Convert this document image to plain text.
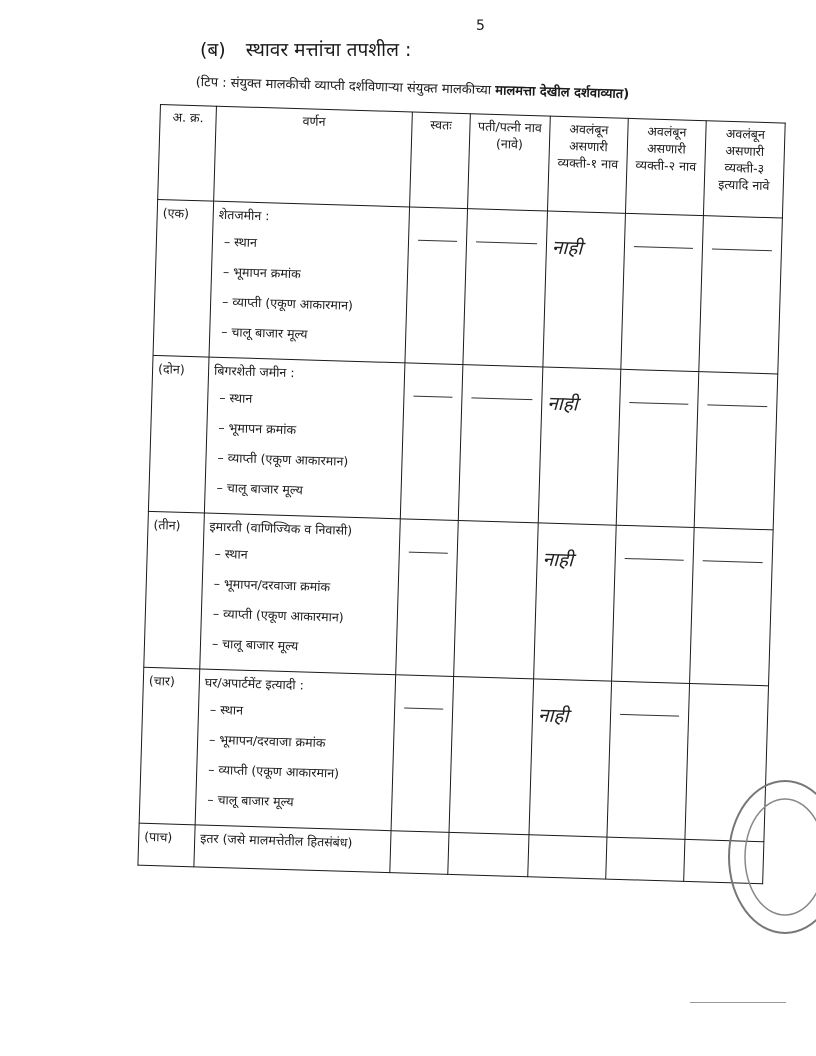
5
(ब) स्थावर मत्तांचा तपशील :
(टिप : संयुक्त मालकीची व्याप्ती दर्शविणाऱ्या संयुक्त मालकीच्या मालमत्ता देखील दर्शवाव्यात)
अ. क्र.	वर्णन	स्वतः	पती/पत्नी नाव (नावे)	अवलंबून असणारी व्यक्ती-१ नाव	अवलंबून असणारी व्यक्ती-२ नाव	अवलंबून असणारी व्यक्ती-३ इत्यादि नावे
(एक)	शेतजमीन :
– स्थान
– भूमापन क्रमांक
– व्याप्ती (एकूण आकारमान)
– चालू बाजार मूल्य			नाही		

(दोन)	बिगरशेती जमीन :
– स्थान
– भूमापन क्रमांक
– व्याप्ती (एकूण आकारमान)
– चालू बाजार मूल्य			नाही		

(तीन)	इमारती (वाणिज्यिक व निवासी)
– स्थान
– भूमापन/दरवाजा क्रमांक
– व्याप्ती (एकूण आकारमान)
– चालू बाजार मूल्य			नाही		

(चार)	घर/अपार्टमेंट इत्यादी :
– स्थान
– भूमापन/दरवाजा क्रमांक
– व्याप्ती (एकूण आकारमान)
– चालू बाजार मूल्य			नाही		

(पाच)	इतर (जसे मालमत्तेतील हितसंबंध)					
